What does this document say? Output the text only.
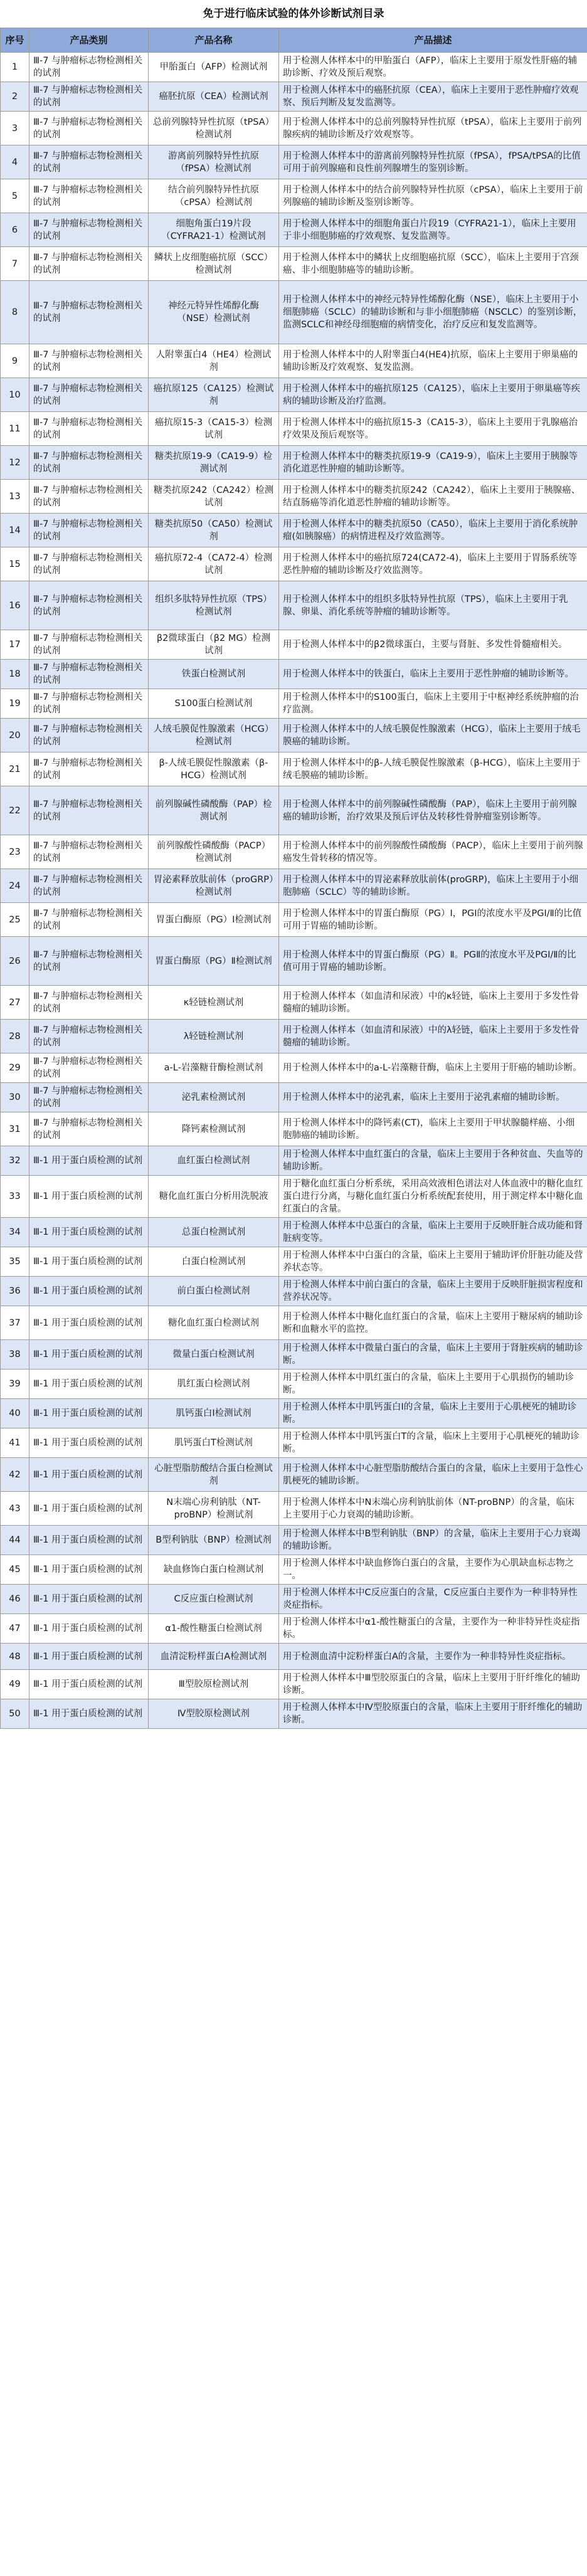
免于进行临床试验的体外诊断试剂目录
序号	产品类别	产品名称	产品描述
1	Ⅲ-7 与肿瘤标志物检测相关的试剂	甲胎蛋白（AFP）检测试剂	用于检测人体样本中的甲胎蛋白（AFP），临床上主要用于原发性肝癌的辅助诊断、疗效及预后观察。
2	Ⅲ-7 与肿瘤标志物检测相关的试剂	癌胚抗原（CEA）检测试剂	用于检测人体样本中的癌胚抗原（CEA），临床上主要用于恶性肿瘤疗效观察、预后判断及复发监测等。
3	Ⅲ-7 与肿瘤标志物检测相关的试剂	总前列腺特异性抗原（tPSA）检测试剂	用于检测人体样本中的总前列腺特异性抗原（tPSA），临床上主要用于前列腺疾病的辅助诊断及疗效观察等。
4	Ⅲ-7 与肿瘤标志物检测相关的试剂	游离前列腺特异性抗原（fPSA）检测试剂	用于检测人体样本中的游离前列腺特异性抗原（fPSA），fPSA/tPSA的比值可用于前列腺癌和良性前列腺增生的鉴别诊断。
5	Ⅲ-7 与肿瘤标志物检测相关的试剂	结合前列腺特异性抗原（cPSA）检测试剂	用于检测人体样本中的结合前列腺特异性抗原（cPSA），临床上主要用于前列腺癌的辅助诊断及鉴别诊断等。
6	Ⅲ-7 与肿瘤标志物检测相关的试剂	细胞角蛋白19片段（CYFRA21-1）检测试剂	用于检测人体样本中的细胞角蛋白片段19（CYFRA21-1），临床上主要用于非小细胞肺癌的疗效观察、复发监测等。
7	Ⅲ-7 与肿瘤标志物检测相关的试剂	鳞状上皮细胞癌抗原（SCC）检测试剂	用于检测人体样本中的鳞状上皮细胞癌抗原（SCC），临床上主要用于宫颈癌、非小细胞肺癌等的辅助诊断。
8	Ⅲ-7 与肿瘤标志物检测相关的试剂	神经元特异性烯醇化酶（NSE）检测试剂	用于检测人体样本中的神经元特异性烯醇化酶（NSE），临床上主要用于小细胞肺癌（SCLC）的辅助诊断和与非小细胞肺癌（NSCLC）的鉴别诊断，监测SCLC和神经母细胞瘤的病情变化，治疗反应和复发监测等。
9	Ⅲ-7 与肿瘤标志物检测相关的试剂	人附睾蛋白4（HE4）检测试剂	用于检测人体样本中的人附睾蛋白4(HE4)抗原，临床上主要用于卵巢癌的辅助诊断及疗效观察、复发监测。
10	Ⅲ-7 与肿瘤标志物检测相关的试剂	癌抗原125（CA125）检测试剂	用于检测人体样本中的癌抗原125（CA125），临床上主要用于卵巢癌等疾病的辅助诊断及治疗监测。
11	Ⅲ-7 与肿瘤标志物检测相关的试剂	癌抗原15-3（CA15-3）检测试剂	用于检测人体样本中的癌抗原15-3（CA15-3），临床上主要用于乳腺癌治疗效果及预后观察等。
12	Ⅲ-7 与肿瘤标志物检测相关的试剂	糖类抗原19-9（CA19-9）检测试剂	用于检测人体样本中的糖类抗原19-9（CA19-9），临床上主要用于胰腺等消化道恶性肿瘤的辅助诊断等。
13	Ⅲ-7 与肿瘤标志物检测相关的试剂	糖类抗原242（CA242）检测试剂	用于检测人体样本中的糖类抗原242（CA242），临床上主要用于胰腺癌、结直肠癌等消化道恶性肿瘤的辅助诊断等。
14	Ⅲ-7 与肿瘤标志物检测相关的试剂	糖类抗原50（CA50）检测试剂	用于检测人体样本中的糖类抗原50（CA50），临床上主要用于消化系统肿瘤(如胰腺癌）的病情进程及疗效监测等。
15	Ⅲ-7 与肿瘤标志物检测相关的试剂	癌抗原72-4（CA72-4）检测试剂	用于检测人体样本中的癌抗原724(CA72-4)，临床上主要用于胃肠系统等恶性肿瘤的辅助诊断及疗效监测等。
16	Ⅲ-7 与肿瘤标志物检测相关的试剂	组织多肽特异性抗原（TPS）检测试剂	用于检测人体样本中的组织多肽特异性抗原（TPS），临床上主要用于乳腺、卵巢、消化系统等肿瘤的辅助诊断等。
17	Ⅲ-7 与肿瘤标志物检测相关的试剂	β2微球蛋白（β2 MG）检测试剂	用于检测人体样本中的β2微球蛋白，主要与肾脏、多发性骨髓瘤相关。
18	Ⅲ-7 与肿瘤标志物检测相关的试剂	铁蛋白检测试剂	用于检测人体样本中的铁蛋白，临床上主要用于恶性肿瘤的辅助诊断等。
19	Ⅲ-7 与肿瘤标志物检测相关的试剂	S100蛋白检测试剂	用于检测人体样本中的S100蛋白，临床上主要用于中枢神经系统肿瘤的治疗监测。
20	Ⅲ-7 与肿瘤标志物检测相关的试剂	人绒毛膜促性腺激素（HCG）检测试剂	用于检测人体样本中的人绒毛膜促性腺激素（HCG），临床上主要用于绒毛膜癌的辅助诊断。
21	Ⅲ-7 与肿瘤标志物检测相关的试剂	β-人绒毛膜促性腺激素（β-HCG）检测试剂	用于检测人体样本中的β-人绒毛膜促性腺激素（β-HCG），临床上主要用于绒毛膜癌的辅助诊断。
22	Ⅲ-7 与肿瘤标志物检测相关的试剂	前列腺碱性磷酸酶（PAP）检测试剂	用于检测人体样本中的前列腺碱性磷酸酶（PAP），临床上主要用于前列腺癌的辅助诊断，治疗效果及预后评估及转移性骨肿瘤鉴别诊断等。
23	Ⅲ-7 与肿瘤标志物检测相关的试剂	前列腺酸性磷酸酶（PACP）检测试剂	用于检测人体样本中的前列腺酸性磷酸酶（PACP），临床上主要用于前列腺癌发生骨转移的情况等。
24	Ⅲ-7 与肿瘤标志物检测相关的试剂	胃泌素释放肽前体（proGRP）检测试剂	用于检测人体样本中的胃泌素释放肽前体(proGRP)，临床上主要用于小细胞肺癌（SCLC）等的辅助诊断。
25	Ⅲ-7 与肿瘤标志物检测相关的试剂	胃蛋白酶原（PG）Ⅰ检测试剂	用于检测人体样本中的胃蛋白酶原（PG）Ⅰ，PGⅠ的浓度水平及PGⅠ/Ⅱ的比值可用于胃癌的辅助诊断。
26	Ⅲ-7 与肿瘤标志物检测相关的试剂	胃蛋白酶原（PG）Ⅱ检测试剂	用于检测人体样本中的胃蛋白酶原（PG）Ⅱ。PGⅡ的浓度水平及PGⅠ/Ⅱ的比值可用于胃癌的辅助诊断。
27	Ⅲ-7 与肿瘤标志物检测相关的试剂	κ轻链检测试剂	用于检测人体样本（如血清和尿液）中的κ轻链，临床上主要用于多发性骨髓瘤的辅助诊断。
28	Ⅲ-7 与肿瘤标志物检测相关的试剂	λ轻链检测试剂	用于检测人体样本（如血清和尿液）中的λ轻链，临床上主要用于多发性骨髓瘤的辅助诊断。
29	Ⅲ-7 与肿瘤标志物检测相关的试剂	a-L-岩藻糖苷酶检测试剂	用于检测人体样本中的a-L-岩藻糖苷酶，临床上主要用于肝癌的辅助诊断。
30	Ⅲ-7 与肿瘤标志物检测相关的试剂	泌乳素检测试剂	用于检测人体样本中的泌乳素，临床上主要用于泌乳素瘤的辅助诊断。
31	Ⅲ-7 与肿瘤标志物检测相关的试剂	降钙素检测试剂	用于检测人体样本中的降钙素(CT)，临床上主要用于甲状腺髓样癌、小细胞肺癌的辅助诊断。
32	Ⅲ-1 用于蛋白质检测的试剂	血红蛋白检测试剂	用于检测人体样本中血红蛋白的含量，临床上主要用于各种贫血、失血等的辅助诊断。
33	Ⅲ-1 用于蛋白质检测的试剂	糖化血红蛋白分析用洗脱液	用于糖化血红蛋白分析系统，采用高效液相色谱法对人体血液中的糖化血红蛋白进行分离，与糖化血红蛋白分析系统配套使用，用于测定样本中糖化血红蛋白的含量。
34	Ⅲ-1 用于蛋白质检测的试剂	总蛋白检测试剂	用于检测人体样本中总蛋白的含量，临床上主要用于反映肝脏合成功能和肾脏病变等。
35	Ⅲ-1 用于蛋白质检测的试剂	白蛋白检测试剂	用于检测人体样本中白蛋白的含量，临床上主要用于辅助评价肝脏功能及营养状态等。
36	Ⅲ-1 用于蛋白质检测的试剂	前白蛋白检测试剂	用于检测人体样本中前白蛋白的含量，临床上主要用于反映肝脏损害程度和营养状况等。
37	Ⅲ-1 用于蛋白质检测的试剂	糖化血红蛋白检测试剂	用于检测人体样本中糖化血红蛋白的含量，临床上主要用于糖尿病的辅助诊断和血糖水平的监控。
38	Ⅲ-1 用于蛋白质检测的试剂	微量白蛋白检测试剂	用于检测人体样本中微量白蛋白的含量，临床上主要用于肾脏疾病的辅助诊断。
39	Ⅲ-1 用于蛋白质检测的试剂	肌红蛋白检测试剂	用于检测人体样本中肌红蛋白的含量，临床上主要用于心肌损伤的辅助诊断。
40	Ⅲ-1 用于蛋白质检测的试剂	肌钙蛋白I检测试剂	用于检测人体样本中肌钙蛋白I的含量，临床上主要用于心肌梗死的辅助诊断。
41	Ⅲ-1 用于蛋白质检测的试剂	肌钙蛋白T检测试剂	用于检测人体样本中肌钙蛋白T的含量，临床上主要用于心肌梗死的辅助诊断。
42	Ⅲ-1 用于蛋白质检测的试剂	心脏型脂肪酸结合蛋白检测试剂	用于检测人体样本中心脏型脂肪酸结合蛋白的含量，临床上主要用于急性心肌梗死的辅助诊断。
43	Ⅲ-1 用于蛋白质检测的试剂	N末端心房利钠肽（NT-proBNP）检测试剂	用于检测人体样本中N末端心房利钠肽前体（NT-proBNP）的含量，临床上主要用于心力衰竭的辅助诊断。
44	Ⅲ-1 用于蛋白质检测的试剂	B型利钠肽（BNP）检测试剂	用于检测人体样本中B型利钠肽（BNP）的含量，临床上主要用于心力衰竭的辅助诊断。
45	Ⅲ-1 用于蛋白质检测的试剂	缺血修饰白蛋白检测试剂	用于检测人体样本中缺血修饰白蛋白的含量，主要作为心肌缺血标志物之一。
46	Ⅲ-1 用于蛋白质检测的试剂	C反应蛋白检测试剂	用于检测人体样本中C反应蛋白的含量，C反应蛋白主要作为一种非特异性炎症指标。
47	Ⅲ-1 用于蛋白质检测的试剂	α1-酸性糖蛋白检测试剂	用于检测人体样本中α1-酸性糖蛋白的含量，主要作为一种非特异性炎症指标。
48	Ⅲ-1 用于蛋白质检测的试剂	血清淀粉样蛋白A检测试剂	用于检测血清中淀粉样蛋白A的含量，主要作为一种非特异性炎症指标。
49	Ⅲ-1 用于蛋白质检测的试剂	Ⅲ型胶原检测试剂	用于检测人体样本中Ⅲ型胶原蛋白的含量，临床上主要用于肝纤维化的辅助诊断。
50	Ⅲ-1 用于蛋白质检测的试剂	Ⅳ型胶原检测试剂	用于检测人体样本中Ⅳ型胶原蛋白的含量，临床上主要用于肝纤维化的辅助诊断。
